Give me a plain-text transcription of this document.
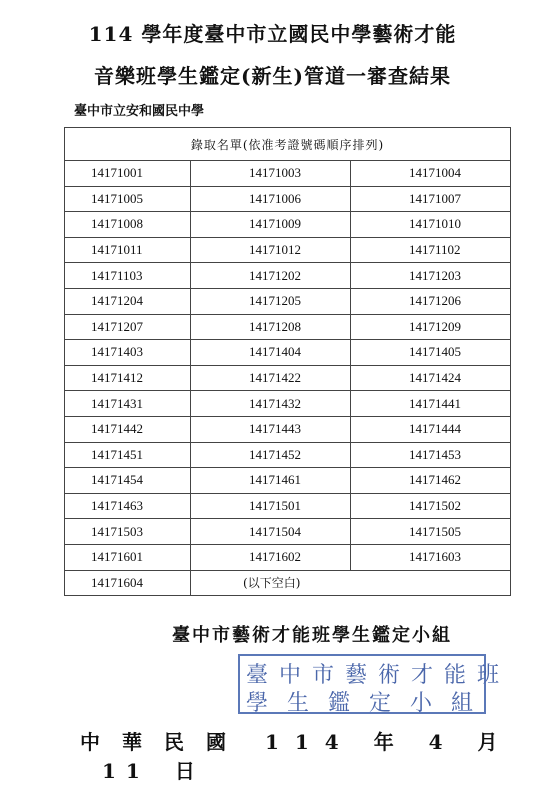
114 學年度臺中市立國民中學藝術才能
音樂班學生鑑定(新生)管道一審查結果
臺中市立安和國民中學
錄取名單(依准考證號碼順序排列)		
14171001	14171003	14171004
14171005	14171006	14171007
14171008	14171009	14171010
14171011	14171012	14171102
14171103	14171202	14171203
14171204	14171205	14171206
14171207	14171208	14171209
14171403	14171404	14171405
14171412	14171422	14171424
14171431	14171432	14171441
14171442	14171443	14171444
14171451	14171452	14171453
14171454	14171461	14171462
14171463	14171501	14171502
14171503	14171504	14171505
14171601	14171602	14171603
14171604	(以下空白)	
臺中市藝術才能班學生鑑定小組
臺中市藝術才能班
學生鑑定小組
中華民國 114 年 4 月 11 日
